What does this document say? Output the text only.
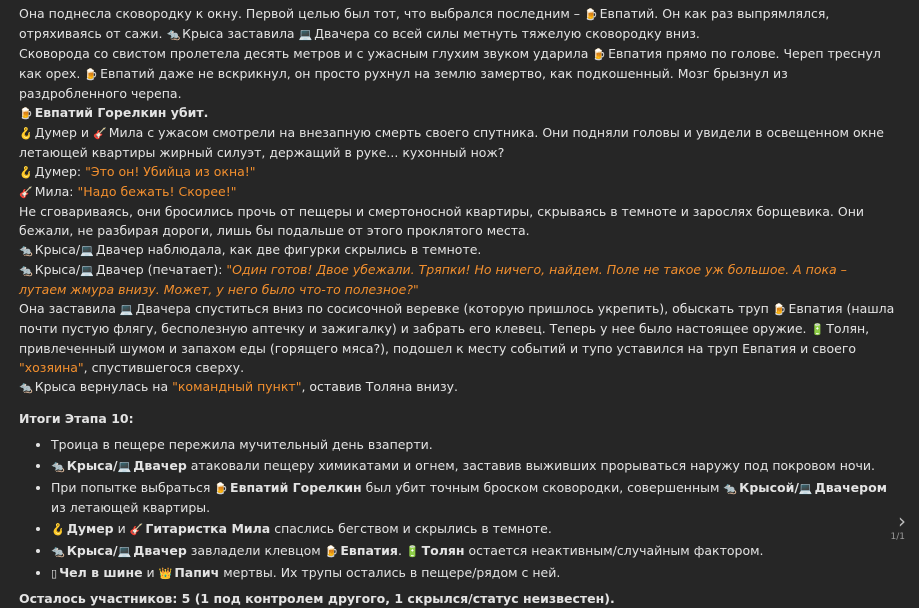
Она поднесла сковородку к окну. Первой целью был тот, что выбрался последним – 🍺 Евпатий. Он как раз выпрямлялся, отряхиваясь от сажи. 🐀 Крыса заставила 💻 Двачера со всей силы метнуть тяжелую сковородку вниз.

Сковорода со свистом пролетела десять метров и с ужасным глухим звуком ударила 🍺 Евпатия прямо по голове. Череп треснул как орех. 🍺 Евпатий даже не вскрикнул, он просто рухнул на землю замертво, как подкошенный. Мозг брызнул из раздробленного черепа.

🍺 Евпатий Горелкин убит.

🪝 Думер и 🎸 Мила с ужасом смотрели на внезапную смерть своего спутника. Они подняли головы и увидели в освещенном окне летающей квартиры жирный силуэт, держащий в руке... кухонный нож?

🪝 Думер: "Это он! Убийца из окна!"

🎸 Мила: "Надо бежать! Скорее!"

Не сговариваясь, они бросились прочь от пещеры и смертоносной квартиры, скрываясь в темноте и зарослях борщевика. Они бежали, не разбирая дороги, лишь бы подальше от этого проклятого места.

🐀 Крыса/💻 Двачер наблюдала, как две фигурки скрылись в темноте.

🐀 Крыса/💻 Двачер (печатает): "Один готов! Двое убежали. Тряпки! Но ничего, найдем. Поле не такое уж большое. А пока – лутаем жмура внизу. Может, у него было что-то полезное?"

Она заставила 💻 Двачера спуститься вниз по сосисочной веревке (которую пришлось укрепить), обыскать труп 🍺 Евпатия (нашла почти пустую флягу, бесполезную аптечку и зажигалку) и забрать его клевец. Теперь у нее было настоящее оружие. 🔋 Толян, привлеченный шумом и запахом еды (горящего мяса?), подошел к месту событий и тупо уставился на труп Евпатия и своего "хозяина", спустившегося сверху.

🐀 Крыса вернулась на "командный пункт", оставив Толяна внизу.

Итоги Этапа 10:

• Троица в пещере пережила мучительный день взаперти.
• 🐀 Крыса/💻 Двачер атаковали пещеру химикатами и огнем, заставив выживших прорываться наружу под покровом ночи.
• При попытке выбраться 🍺 Евпатий Горелкин был убит точным броском сковородки, совершенным 🐀 Крысой/💻 Двачером из летающей квартиры.
• 🪝 Думер и 🎸 Гитаристка Мила спаслись бегством и скрылись в темноте.
• 🐀 Крыса/💻 Двачер завладели клевцом 🍺 Евпатия. 🔋 Толян остается неактивным/случайным фактором.
• ▯ Чел в шине и 👑 Папич мертвы. Их трупы остались в пещере/рядом с ней.

Осталось участников: 5 (1 под контролем другого, 1 скрылся/статус неизвестен).

›
1/1
